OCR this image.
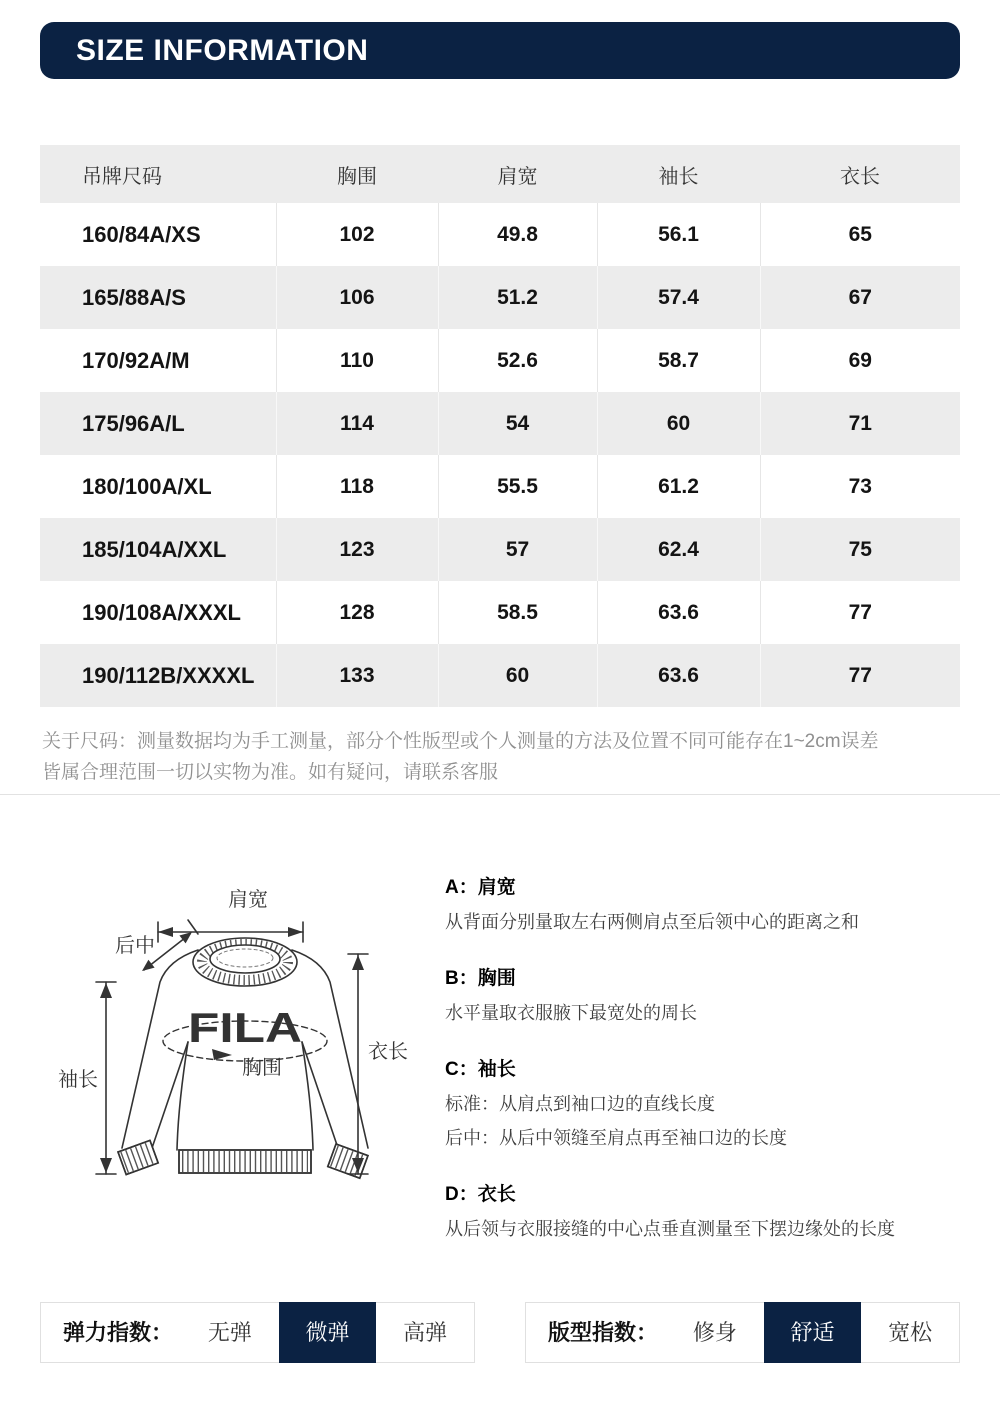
SIZE INFORMATION
吊牌尺码	胸围	肩宽	袖长	衣长
160/84A/XS	102	49.8	56.1	65
165/88A/S	106	51.2	57.4	67
170/92A/M	110	52.6	58.7	69
175/96A/L	114	54	60	71
180/100A/XL	118	55.5	61.2	73
185/104A/XXL	123	57	62.4	75
190/108A/XXXL	128	58.5	63.6	77
190/112B/XXXXL	133	60	63.6	77
关于尺码：测量数据均为手工测量，部分个性版型或个人测量的方法及位置不同可能存在1~2cm误差
皆属合理范围一切以实物为准。如有疑问，请联系客服
肩宽
后中
袖长
衣长
胸围
FILA
A：肩宽
从背面分别量取左右两侧肩点至后领中心的距离之和
B：胸围
水平量取衣服腋下最宽处的周长
C：袖长
标准：从肩点到袖口边的直线长度
后中：从后中领缝至肩点再至袖口边的长度
D：衣长
从后领与衣服接缝的中心点垂直测量至下摆边缘处的长度
弹力指数：	无弹	微弹	高弹	版型指数：	修身	舒适	宽松
